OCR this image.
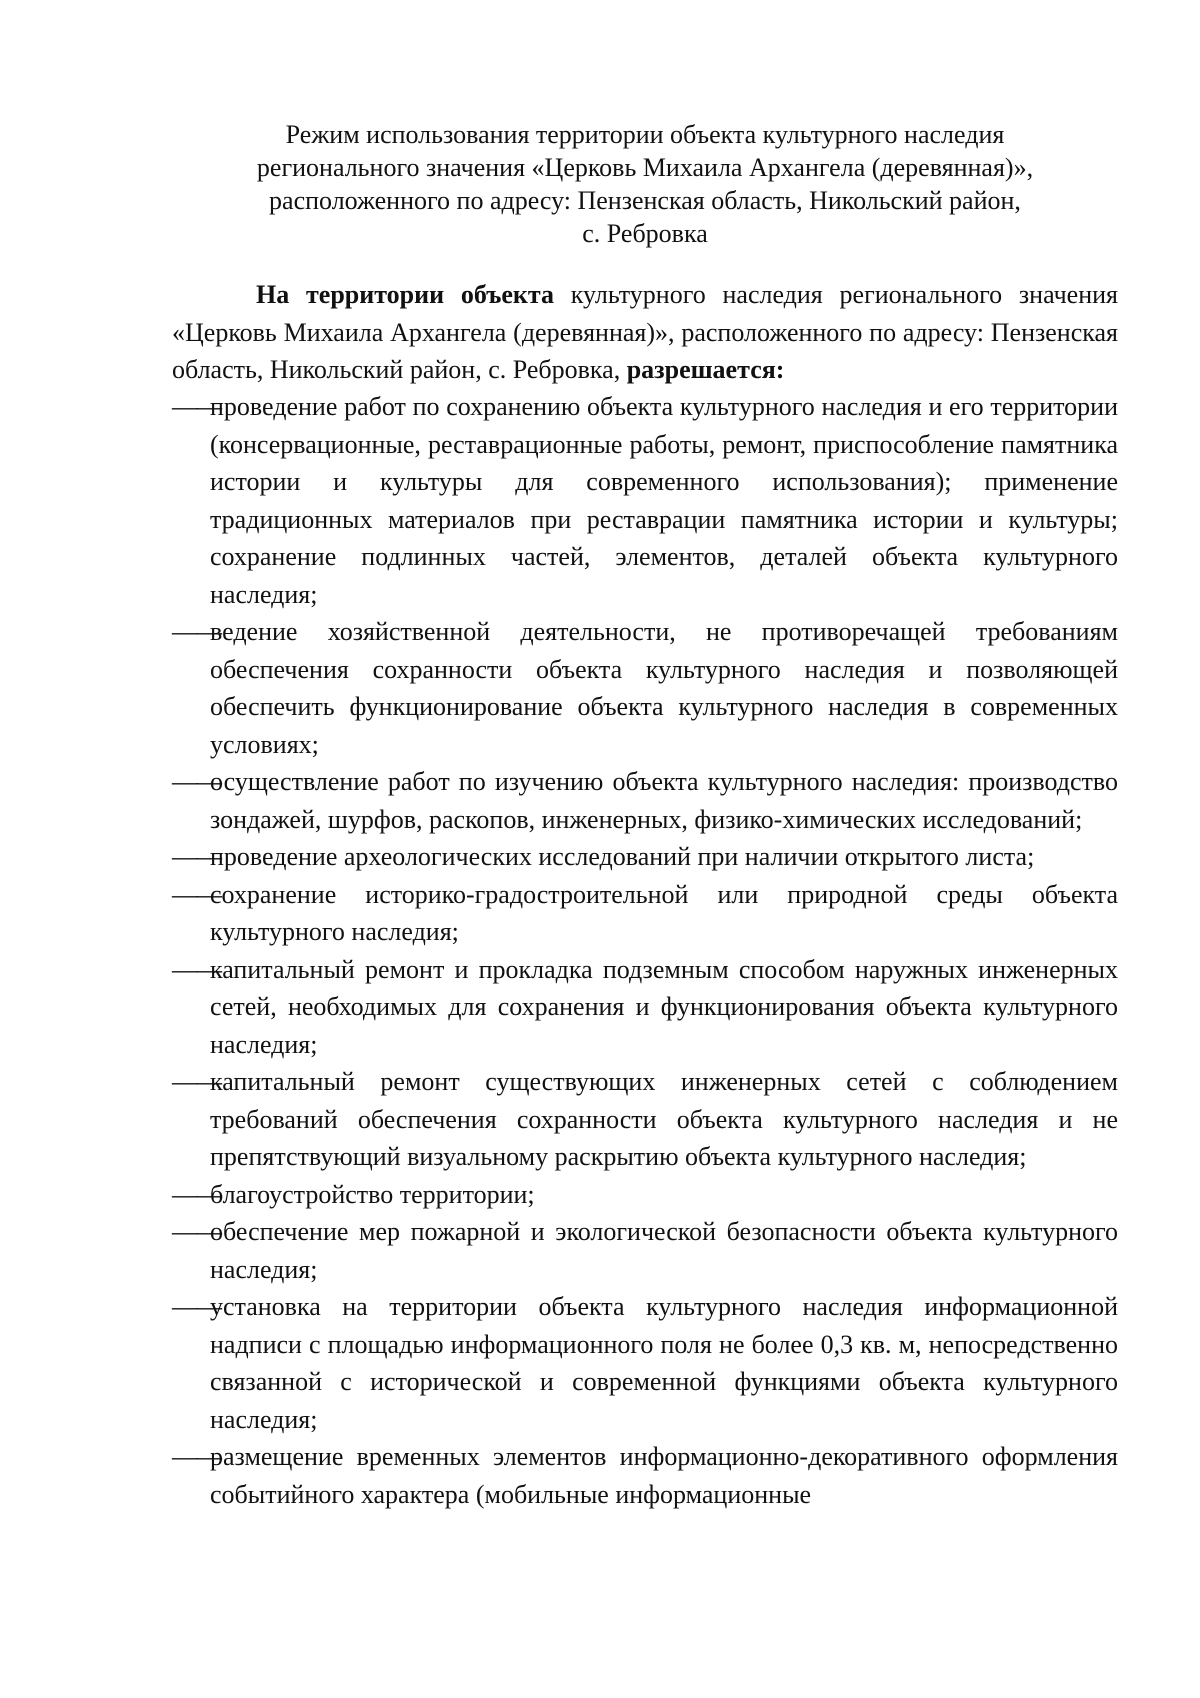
Режим использования территории объекта культурного наследия
регионального значения «Церковь Михаила Архангела (деревянная)»,
расположенного по адресу: Пензенская область, Никольский район,
с. Ребровка

На территории объекта культурного наследия регионального значения «Церковь Михаила Архангела (деревянная)», расположенного по адресу: Пензенская область, Никольский район, с. Ребровка, разрешается:

——
проведение работ по сохранению объекта культурного наследия и его территории (консервационные, реставрационные работы, ремонт, приспособление памятника истории и культуры для современного использования); применение традиционных материалов при реставрации памятника истории и культуры; сохранение подлинных частей, элементов, деталей объекта культурного наследия;
——
ведение хозяйственной деятельности, не противоречащей требованиям обеспечения сохранности объекта культурного наследия и позволяющей обеспечить функционирование объекта культурного наследия в современных условиях;
——
осуществление работ по изучению объекта культурного наследия: производство зондажей, шурфов, раскопов, инженерных, физико-химических исследований;
——
проведение археологических исследований при наличии открытого листа;
——
сохранение историко-градостроительной или природной среды объекта культурного наследия;
——
капитальный ремонт и прокладка подземным способом наружных инженерных сетей, необходимых для сохранения и функционирования объекта культурного наследия;
——
капитальный ремонт существующих инженерных сетей с соблюдением требований обеспечения сохранности объекта культурного наследия и не препятствующий визуальному раскрытию объекта культурного наследия;
——
благоустройство территории;
——
обеспечение мер пожарной и экологической безопасности объекта культурного наследия;
——
установка на территории объекта культурного наследия информационной надписи с площадью информационного поля не более 0,3 кв. м, непосредственно связанной с исторической и современной функциями объекта культурного наследия;
——
размещение временных элементов информационно-декоративного оформления событийного характера (мобильные информационные
